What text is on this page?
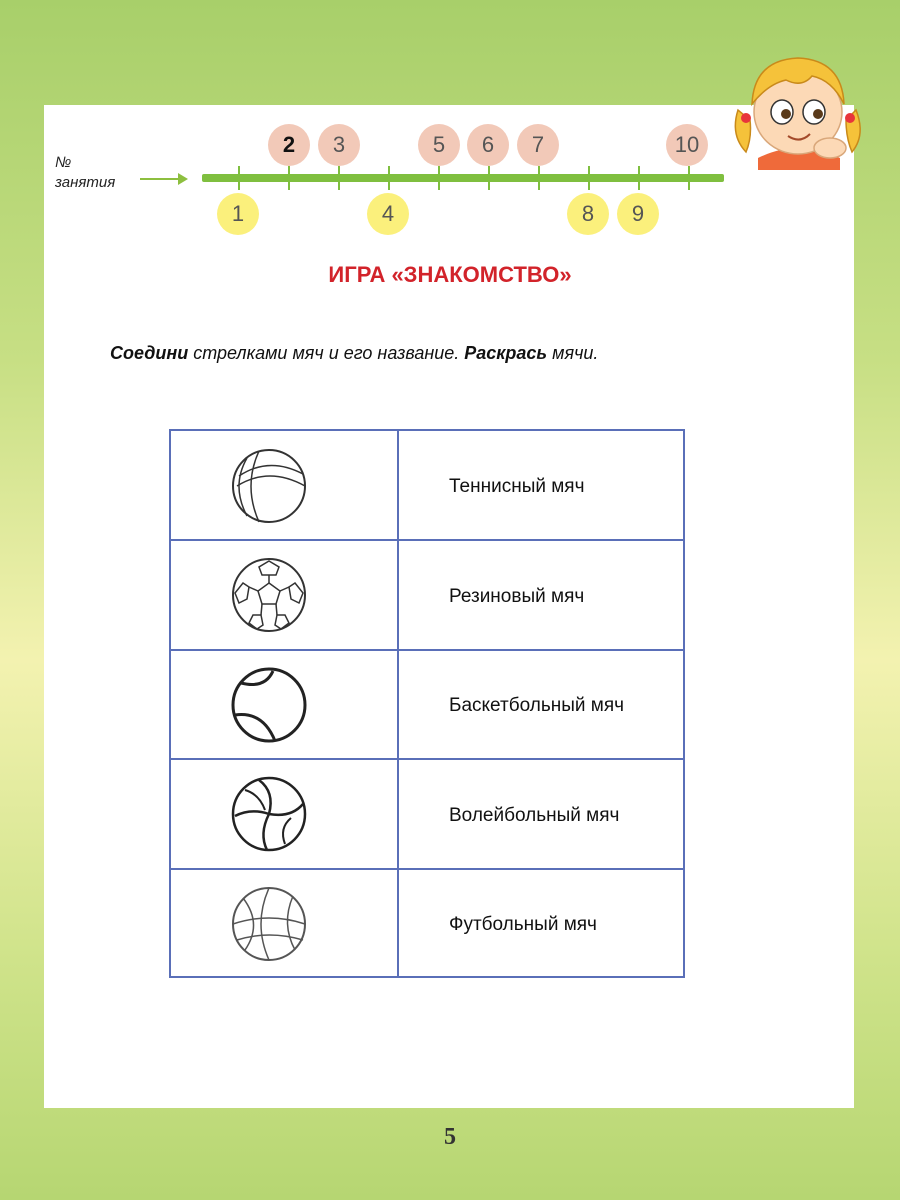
№
занятия
2	3	5	6	7	10
1	4	8	9
ИГРА «ЗНАКОМСТВО»
Соедини стрелками мяч и его название. Раскрась мячи.
Теннисный мяч
Резиновый мяч
Баскетбольный мяч
Волейбольный мяч
Футбольный мяч
5
